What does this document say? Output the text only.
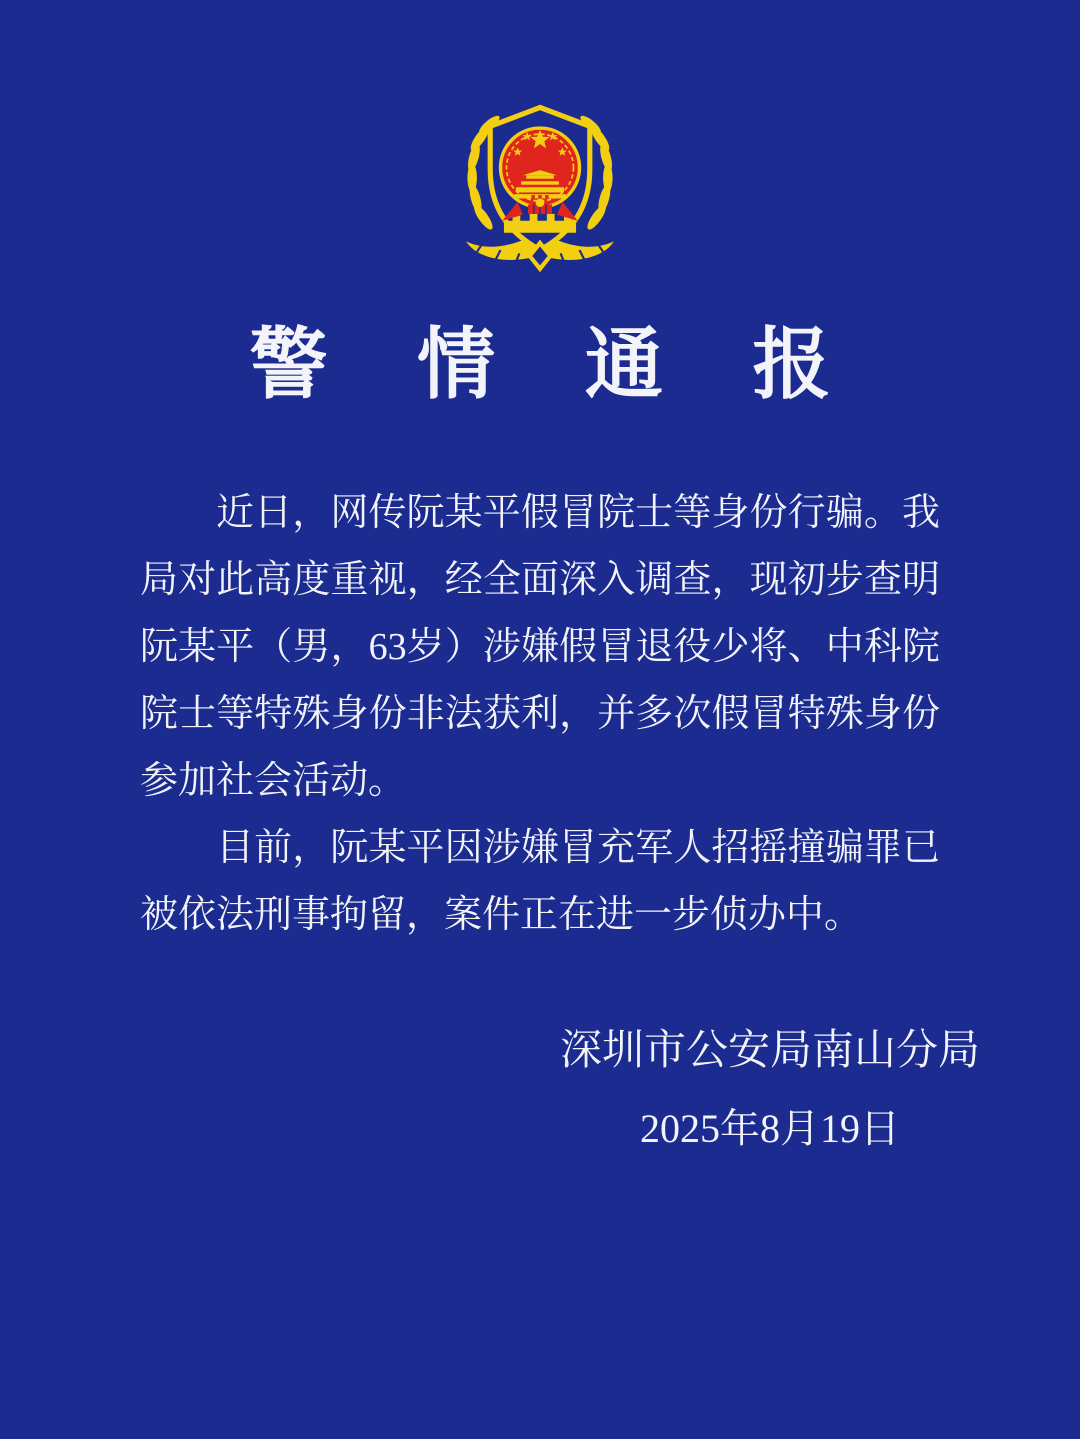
警 情 通 报
近日，网传阮某平假冒院士等身份行骗。我
局对此高度重视，经全面深入调查，现初步查明
阮某平（男，63岁）涉嫌假冒退役少将、中科院
院士等特殊身份非法获利，并多次假冒特殊身份
参加社会活动。
目前，阮某平因涉嫌冒充军人招摇撞骗罪已
被依法刑事拘留，案件正在进一步侦办中。
深圳市公安局南山分局
2025年8月19日
